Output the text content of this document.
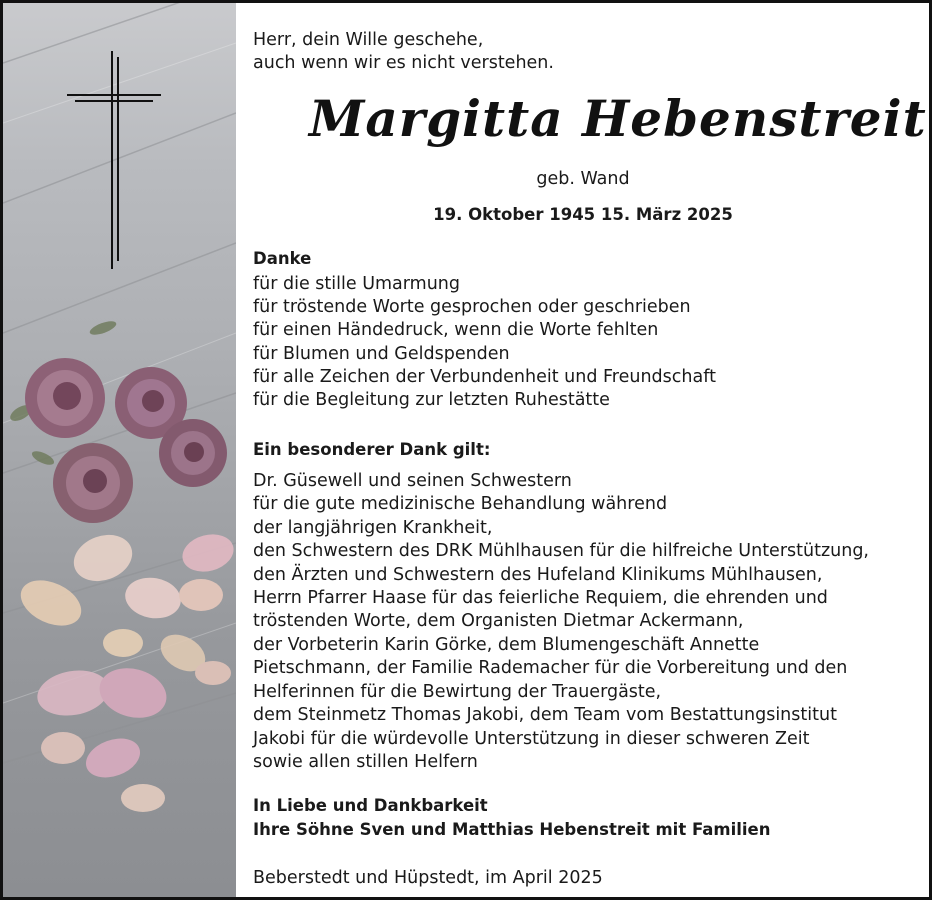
Herr, dein Wille geschehe,
auch wenn wir es nicht verstehen.
Margitta Hebenstreit
geb. Wand
19. Oktober 1945 15. März 2025
Danke
für die stille Umarmung
für tröstende Worte gesprochen oder geschrieben
für einen Händedruck, wenn die Worte fehlten
für Blumen und Geldspenden
für alle Zeichen der Verbundenheit und Freundschaft
für die Begleitung zur letzten Ruhestätte
Ein besonderer Dank gilt:
Dr. Güsewell und seinen Schwestern
für die gute medizinische Behandlung während
der langjährigen Krankheit,
den Schwestern des DRK Mühlhausen für die hilfreiche Unterstützung,
den Ärzten und Schwestern des Hufeland Klinikums Mühlhausen,
Herrn Pfarrer Haase für das feierliche Requiem, die ehrenden und
tröstenden Worte, dem Organisten Dietmar Ackermann,
der Vorbeterin Karin Görke, dem Blumengeschäft Annette
Pietschmann, der Familie Rademacher für die Vorbereitung und den
Helferinnen für die Bewirtung der Trauergäste,
dem Steinmetz Thomas Jakobi, dem Team vom Bestattungsinstitut
Jakobi für die würdevolle Unterstützung in dieser schweren Zeit
sowie allen stillen Helfern
In Liebe und Dankbarkeit
Ihre Söhne Sven und Matthias Hebenstreit mit Familien
Beberstedt und Hüpstedt, im April 2025
